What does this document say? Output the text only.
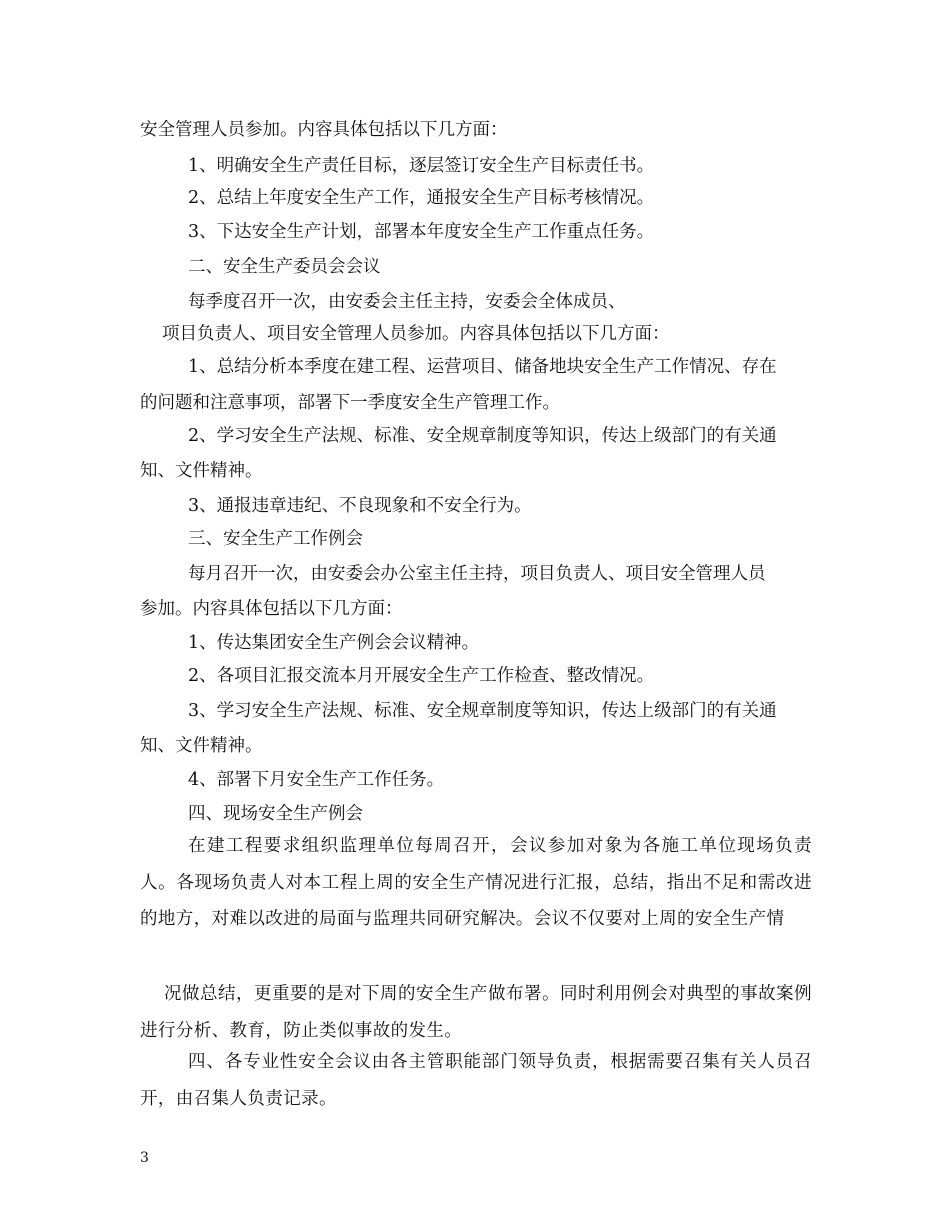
安全管理人员参加。内容具体包括以下几方面：
1、明确安全生产责任目标，逐层签订安全生产目标责任书。
2、总结上年度安全生产工作，通报安全生产目标考核情况。
3、下达安全生产计划，部署本年度安全生产工作重点任务。
二、安全生产委员会会议
每季度召开一次，由安委会主任主持，安委会全体成员、
项目负责人、项目安全管理人员参加。内容具体包括以下几方面：
1、总结分析本季度在建工程、运营项目、储备地块安全生产工作情况、存在
的问题和注意事项，部署下一季度安全生产管理工作。
2、学习安全生产法规、标准、安全规章制度等知识，传达上级部门的有关通
知、文件精神。
3、通报违章违纪、不良现象和不安全行为。
三、安全生产工作例会
每月召开一次，由安委会办公室主任主持，项目负责人、项目安全管理人员
参加。内容具体包括以下几方面：
1、传达集团安全生产例会会议精神。
2、各项目汇报交流本月开展安全生产工作检查、整改情况。
3、学习安全生产法规、标准、安全规章制度等知识，传达上级部门的有关通
知、文件精神。
4、部署下月安全生产工作任务。
四、现场安全生产例会
在建工程要求组织监理单位每周召开，会议参加对象为各施工单位现场负责人。各现场负责人对本工程上周的安全生产情况进行汇报，总结，指出不足和需改进的地方，对难以改进的局面与监理共同研究解决。会议不仅要对上周的安全生产情
况做总结，更重要的是对下周的安全生产做布署。同时利用例会对典型的事故案例进行分析、教育，防止类似事故的发生。
四、各专业性安全会议由各主管职能部门领导负责，根据需要召集有关人员召开，由召集人负责记录。
3
